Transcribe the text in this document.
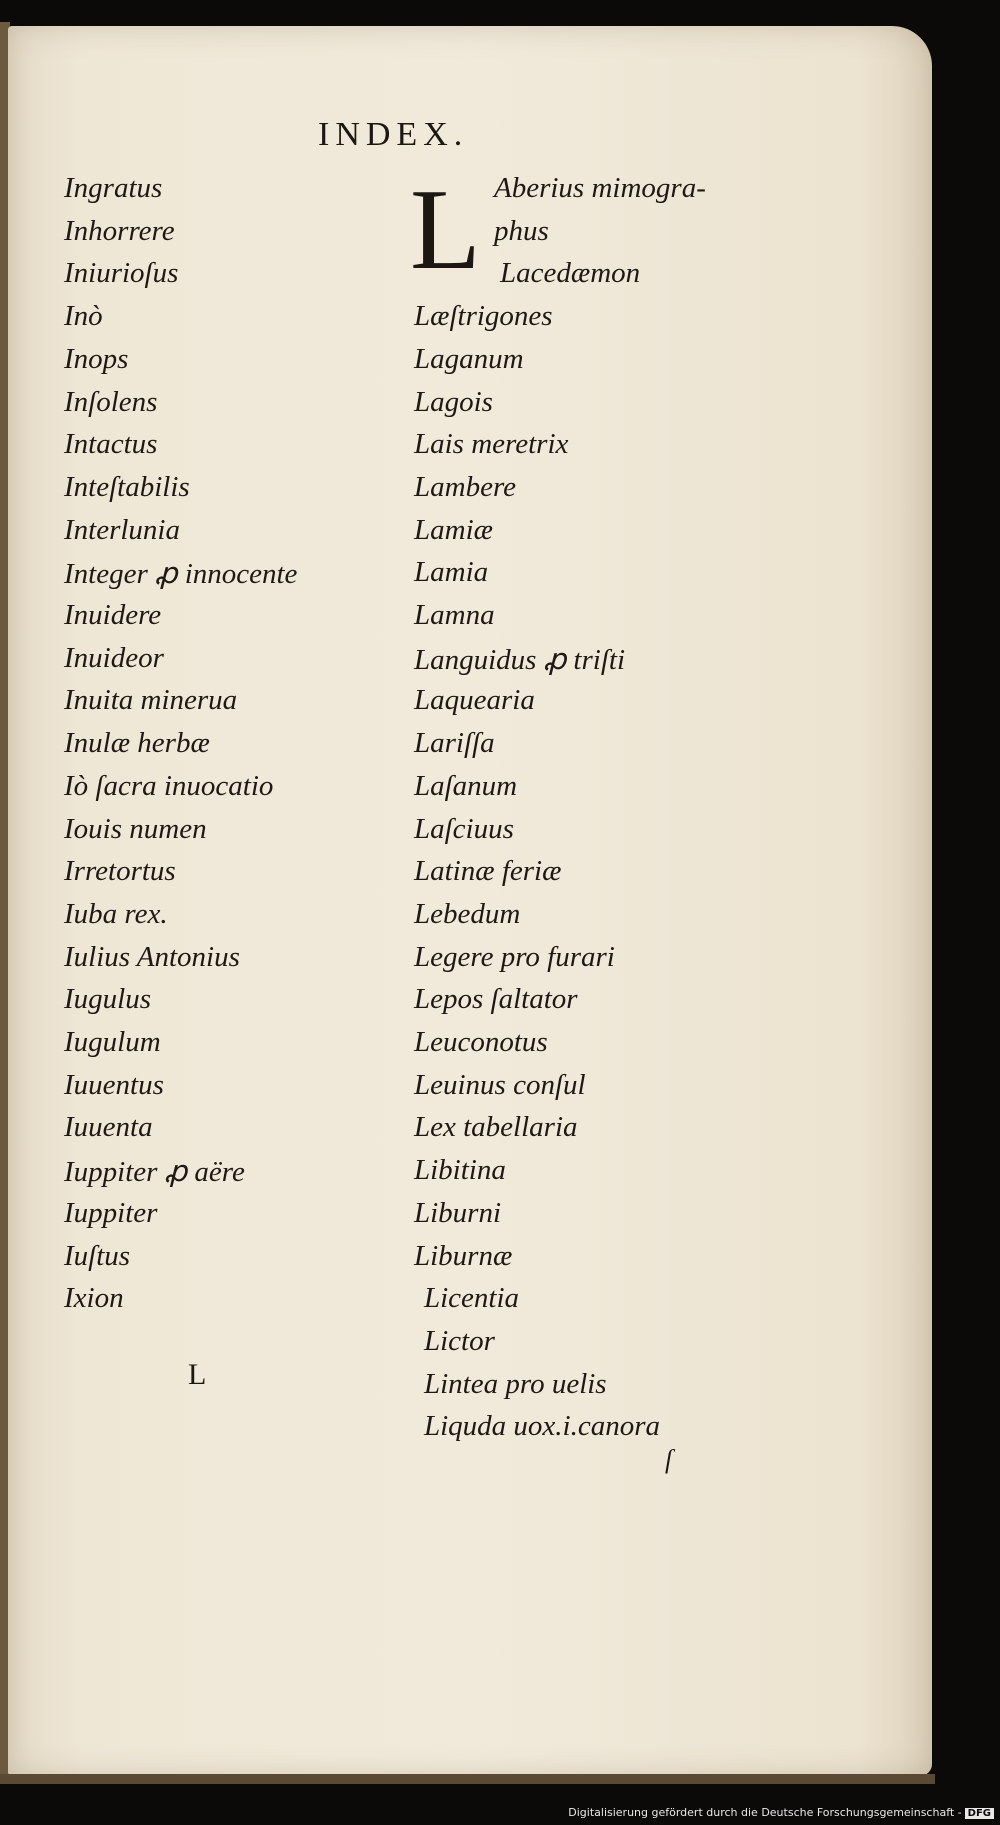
INDEX.
Ingratus
Inhorrere
Iniurioſus
Inò
Inops
Inſolens
Intactus
Inteſtabilis
Interlunia
Integer ꝓ innocente
Inuidere
Inuideor
Inuita minerua
Inulæ herbæ
Iò ſacra inuocatio
Iouis numen
Irretortus
Iuba rex.
Iulius Antonius
Iugulus
Iugulum
Iuuentus
Iuuenta
Iuppiter ꝓ aëre
Iuppiter
Iuſtus
Ixion
Aberius mimogra-
phus
Lacedæmon
Læſtrigones
Laganum
Lagois
Lais meretrix
Lambere
Lamiæ
Lamia
Lamna
Languidus ꝓ triſti
Laquearia
Lariſſa
Laſanum
Laſciuus
Latinæ feriæ
Lebedum
Legere pro furari
Lepos ſaltator
Leuconotus
Leuinus conſul
Lex tabellaria
Libitina
Liburni
Liburnæ
Licentia
Lictor
Lintea pro uelis
Liquda uox.i.canora
L
L
ſ
Digitalisierung gefördert durch die Deutsche Forschungsgemeinschaft - DFG
